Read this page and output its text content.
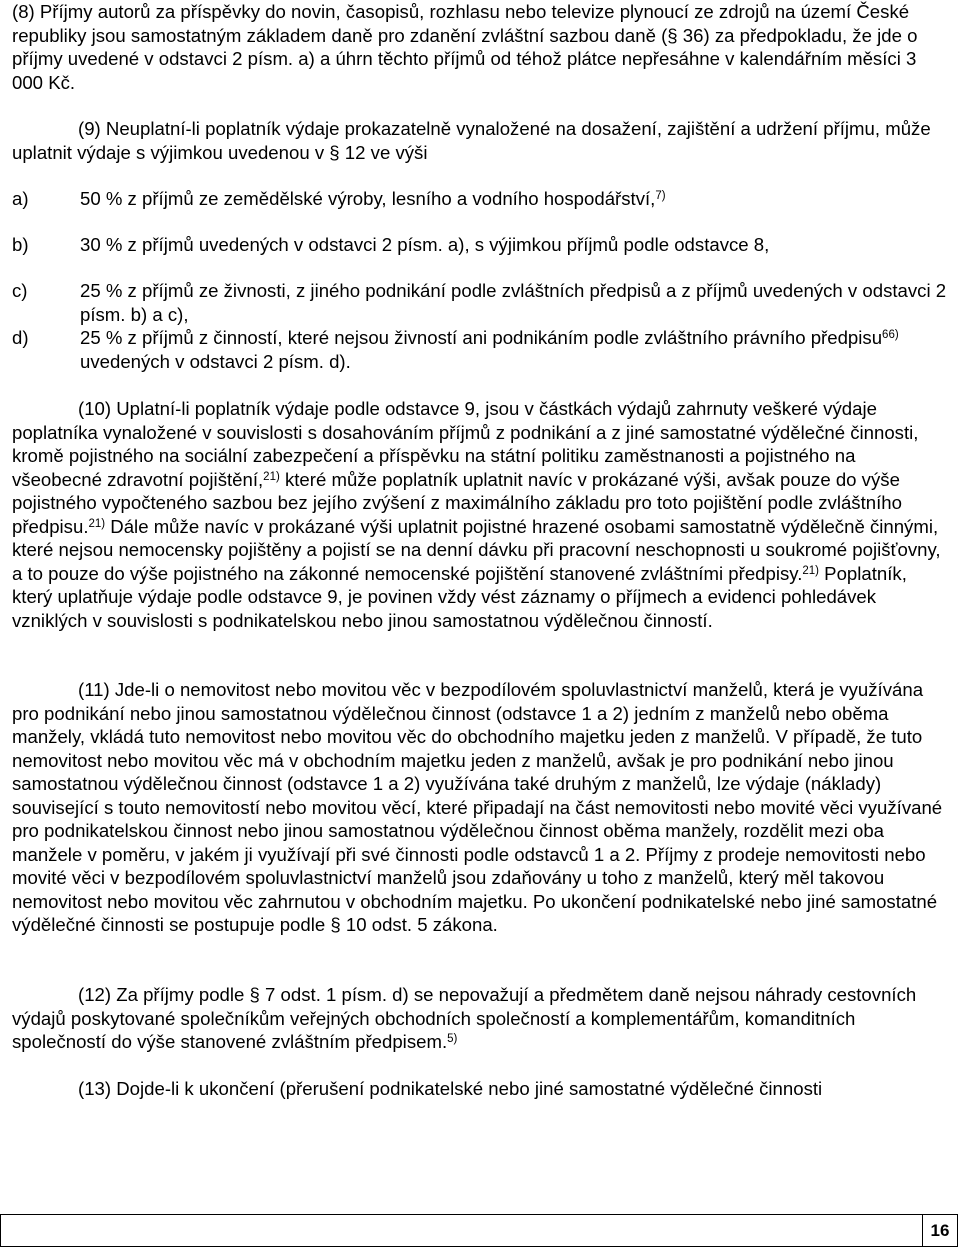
(8) Příjmy autorů za příspěvky do novin, časopisů, rozhlasu nebo televize plynoucí ze zdrojů na území České republiky jsou samostatným základem daně pro zdanění zvláštní sazbou daně (§ 36) za předpokladu, že jde o příjmy uvedené v odstavci 2 písm. a) a úhrn těchto příjmů od téhož plátce nepřesáhne v kalendářním měsíci 3 000 Kč.

(9) Neuplatní-li poplatník výdaje prokazatelně vynaložené na dosažení, zajištění a udržení příjmu, může uplatnit výdaje s výjimkou uvedenou v § 12 ve výši

a)	50 % z příjmů ze zemědělské výroby, lesního a vodního hospodářství,$^{7)}$
b)	30 % z příjmů uvedených v odstavci 2 písm. a), s výjimkou příjmů podle odstavce 8,
c)	25 % z příjmů ze živnosti, z jiného podnikání podle zvláštních předpisů a z příjmů uvedených v odstavci 2 písm. b) a c),
d)	25 % z příjmů z činností, které nejsou živností ani podnikáním podle zvláštního právního předpisu$^{66)}$ uvedených v odstavci 2 písm. d).

(10) Uplatní-li poplatník výdaje podle odstavce 9, jsou v částkách výdajů zahrnuty veškeré výdaje poplatníka vynaložené v souvislosti s dosahováním příjmů z podnikání a z jiné samostatné výdělečné činnosti, kromě pojistného na sociální zabezpečení a příspěvku na státní politiku zaměstnanosti a pojistného na všeobecné zdravotní pojištění,$^{21)}$ které může poplatník uplatnit navíc v prokázané výši, avšak pouze do výše pojistného vypočteného sazbou bez jejího zvýšení z maximálního základu pro toto pojištění podle zvláštního předpisu.$^{21)}$ Dále může navíc v prokázané výši uplatnit pojistné hrazené osobami samostatně výdělečně činnými, které nejsou nemocensky pojištěny a pojistí se na denní dávku při pracovní neschopnosti u soukromé pojišťovny, a to pouze do výše pojistného na zákonné nemocenské pojištění stanovené zvláštními předpisy.$^{21)}$ Poplatník, který uplatňuje výdaje podle odstavce 9, je povinen vždy vést záznamy o příjmech a evidenci pohledávek vzniklých v souvislosti s podnikatelskou nebo jinou samostatnou výdělečnou činností.

(11) Jde-li o nemovitost nebo movitou věc v bezpodílovém spoluvlastnictví manželů, která je využívána pro podnikání nebo jinou samostatnou výdělečnou činnost (odstavce 1 a 2) jedním z manželů nebo oběma manžely, vkládá tuto nemovitost nebo movitou věc do obchodního majetku jeden z manželů. V případě, že tuto nemovitost nebo movitou věc má v obchodním majetku jeden z manželů, avšak je pro podnikání nebo jinou samostatnou výdělečnou činnost (odstavce 1 a 2) využívána také druhým z manželů, lze výdaje (náklady) související s touto nemovitostí nebo movitou věcí, které připadají na část nemovitosti nebo movité věci využívané pro podnikatelskou činnost nebo jinou samostatnou výdělečnou činnost oběma manžely, rozdělit mezi oba manžele v poměru, v jakém ji využívají při své činnosti podle odstavců 1 a 2. Příjmy z prodeje nemovitosti nebo movité věci v bezpodílovém spoluvlastnictví manželů jsou zdaňovány u toho z manželů, který měl takovou nemovitost nebo movitou věc zahrnutou v obchodním majetku. Po ukončení podnikatelské nebo jiné samostatné výdělečné činnosti se postupuje podle § 10 odst. 5 zákona.

(12) Za příjmy podle § 7 odst. 1 písm. d) se nepovažují a předmětem daně nejsou náhrady cestovních výdajů poskytované společníkům veřejných obchodních společností a komplementářům, komanditních společností do výše stanovené zvláštním předpisem.$^{5)}$

(13) Dojde-li k ukončení (přerušení podnikatelské nebo jiné samostatné výdělečné činnosti

16
